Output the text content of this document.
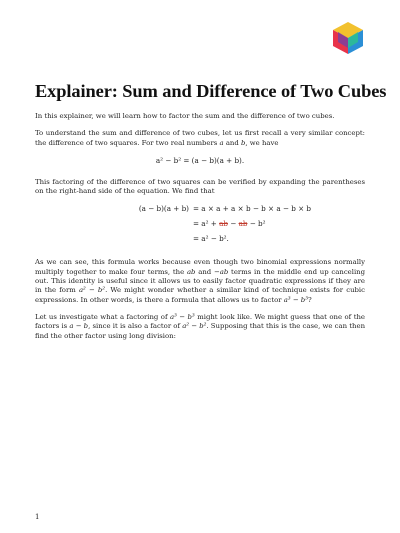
Explainer: Sum and Difference of Two Cubes

In this explainer, we will learn how to factor the sum and the difference of two cubes.

To understand the sum and difference of two cubes, let us first recall a very similar concept: the difference of two squares. For two real numbers a and b, we have

a² − b² = (a − b)(a + b).

This factoring of the difference of two squares can be verified by expanding the parentheses on the right-hand side of the equation. We find that

(a − b)(a + b) = a × a + a × b − b × a − b × b
= a² + ab − ab − b²
= a² − b².

As we can see, this formula works because even though two binomial expressions normally multiply together to make four terms, the ab and −ab terms in the middle end up canceling out. This identity is useful since it allows us to easily factor quadratic expressions if they are in the form a² − b². We might wonder whether a similar kind of technique exists for cubic expressions. In other words, is there a formula that allows us to factor a³ − b³?

Let us investigate what a factoring of a³ − b³ might look like. We might guess that one of the factors is a − b, since it is also a factor of a² − b². Supposing that this is the case, we can then find the other factor using long division:

1
